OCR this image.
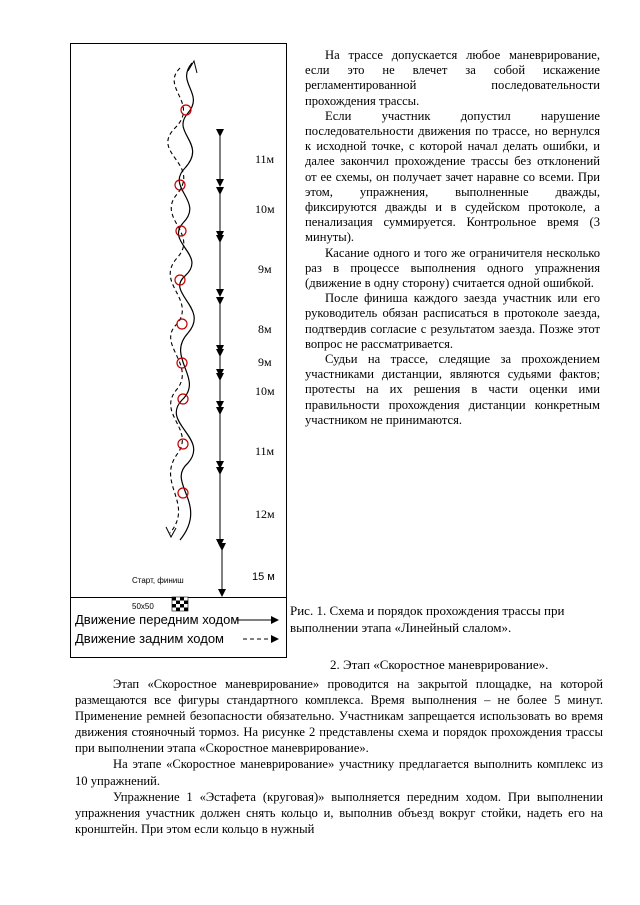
11м
10м
9м
8м
9м
10м
11м
12м
15 м
Старт, финиш
50х50
Движение передним ходом
Движение задним ходом

На трассе допускается любое маневрирование, если это не влечет за собой искажение регламентированной последовательности прохождения трассы.

Если участник допустил нарушение последовательности движения по трассе, но вернулся к исходной точке, с которой начал делать ошибки, и далее закончил прохождение трассы без отклонений от ее схемы, он получает зачет наравне со всеми. При этом, упражнения, выполненные дважды, фиксируются дважды и в судейском протоколе, а пенализация суммируется. Контрольное время (3 минуты).

Касание одного и того же ограничителя несколько раз в процессе выполнения одного упражнения (движение в одну сторону) считается одной ошибкой.

После финиша каждого заезда участник или его руководитель обязан расписаться в протоколе заезда, подтвердив согласие с результатом заезда. Позже этот вопрос не рассматривается.

Судьи на трассе, следящие за прохождением участниками дистанции, являются судьями фактов; протесты на их решения в части оценки ими правильности прохождения дистанции конкретным участником не принимаются.

Рис. 1. Схема и порядок прохождения трассы при выполнении этапа «Линейный слалом».
2. Этап «Скоростное маневрирование».

Этап «Скоростное маневрирование» проводится на закрытой площадке, на которой размещаются все фигуры стандартного комплекса. Время выполнения – не более 5 минут. Применение ремней безопасности обязательно. Участникам запрещается использовать во время движения стояночный тормоз. На рисунке 2 представлены схема и порядок прохождения трассы при выполнении этапа «Скоростное маневрирование».

На этапе «Скоростное маневрирование» участнику предлагается выполнить комплекс из 10 упражнений.

Упражнение 1 «Эстафета (круговая)» выполняется передним ходом. При выполнении упражнения участник должен снять кольцо и, выполнив объезд вокруг стойки, надеть его на кронштейн. При этом если кольцо в нужный
